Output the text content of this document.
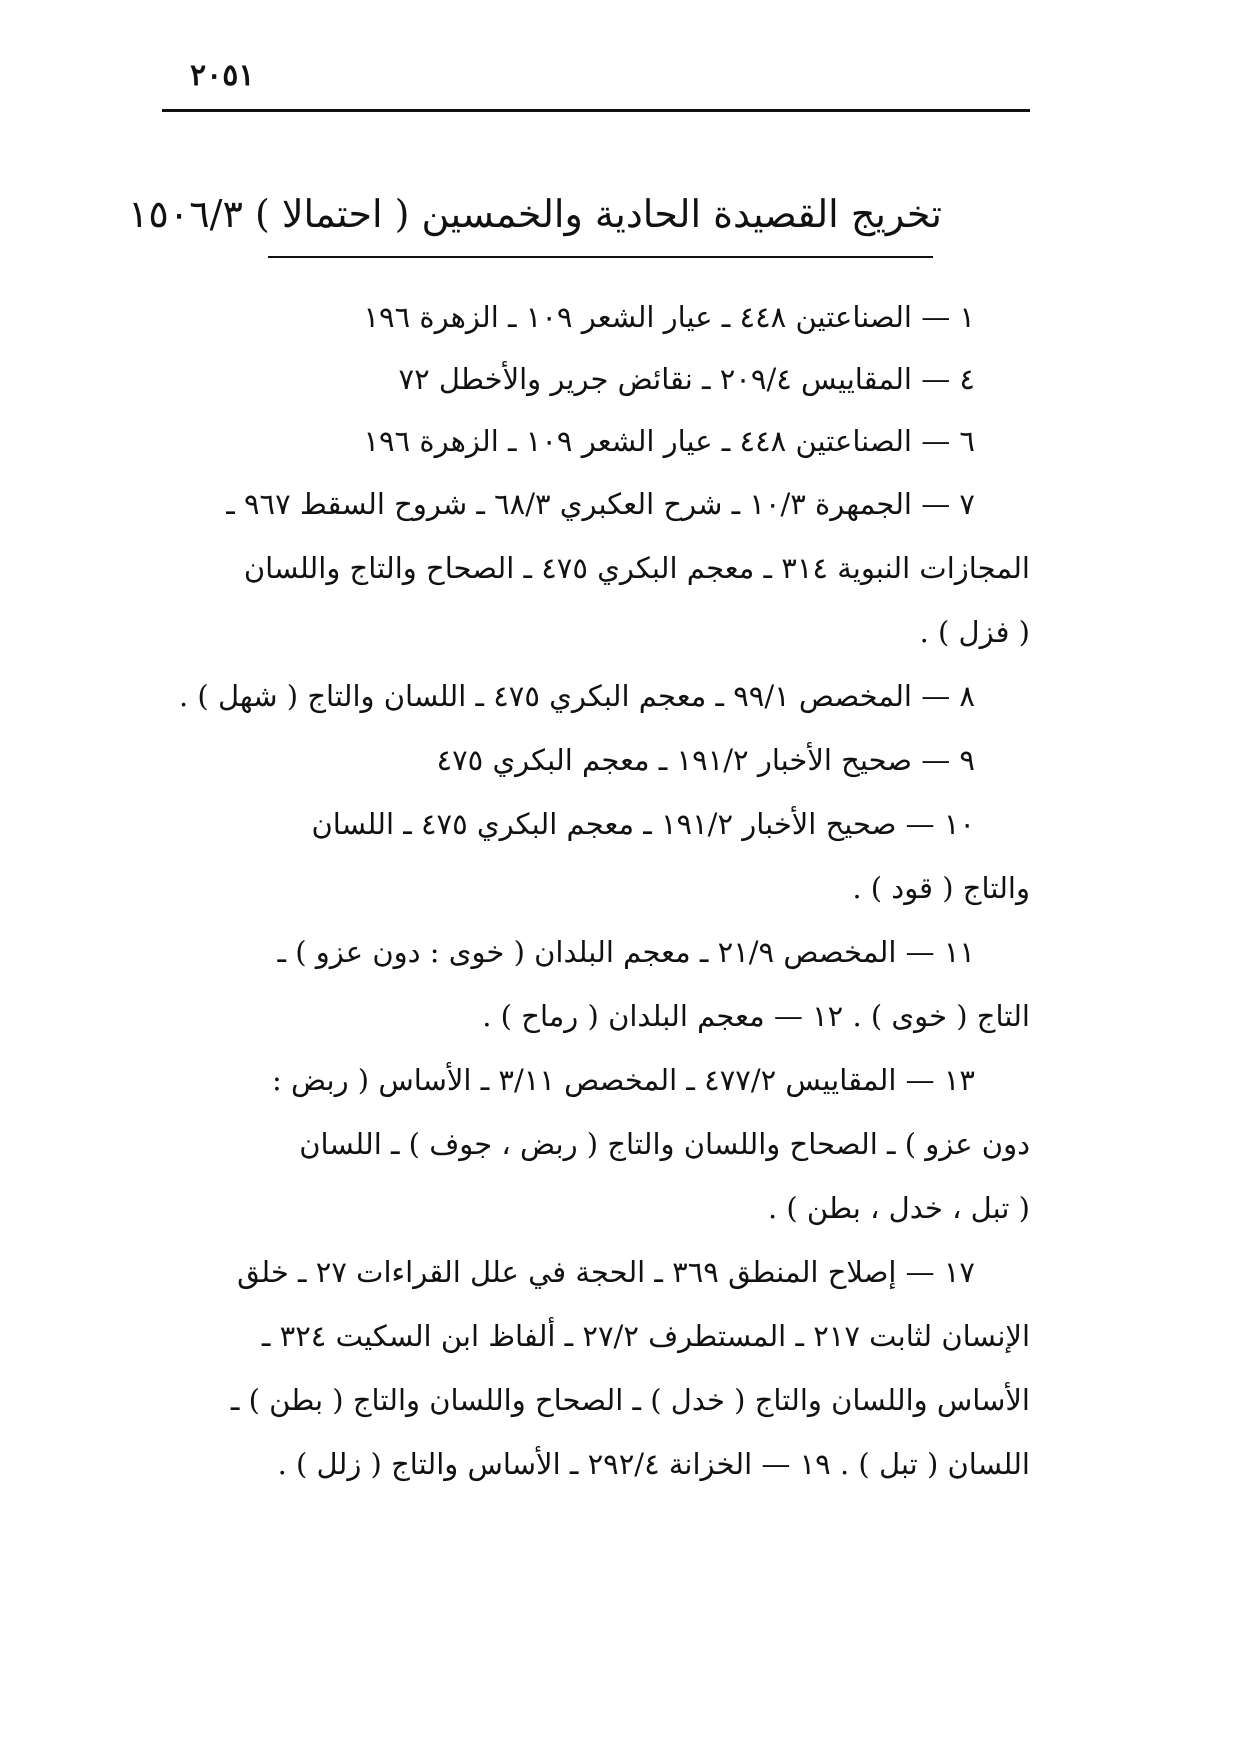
٢٠٥١
تخريج القصيدة الحادية والخمسين ( احتمالا ) ١٥٠٦/٣
١ — الصناعتين ٤٤٨ ـ عيار الشعر ١٠٩ ـ الزهرة ١٩٦
٤ — المقاييس ٢٠٩/٤ ـ نقائض جرير والأخطل ٧٢
٦ — الصناعتين ٤٤٨ ـ عيار الشعر ١٠٩ ـ الزهرة ١٩٦
٧ — الجمهرة ١٠/٣ ـ شرح العكبري ٦٨/٣ ـ شروح السقط ٩٦٧ ـ
المجازات النبوية ٣١٤ ـ معجم البكري ٤٧٥ ـ الصحاح والتاج واللسان
( فزل ) .
٨ — المخصص ٩٩/١ ـ معجم البكري ٤٧٥ ـ اللسان والتاج ( شهل ) .
٩ — صحيح الأخبار ١٩١/٢ ـ معجم البكري ٤٧٥
١٠ — صحيح الأخبار ١٩١/٢ ـ معجم البكري ٤٧٥ ـ اللسان
والتاج ( قود ) .
١١ — المخصص ٢١/٩ ـ معجم البلدان ( خوى : دون عزو ) ـ
التاج ( خوى ) . ١٢ — معجم البلدان ( رماح ) .
١٣ — المقاييس ٤٧٧/٢ ـ المخصص ٣/١١ ـ الأساس ( ربض :
دون عزو ) ـ الصحاح واللسان والتاج ( ربض ، جوف ) ـ اللسان
( تبل ، خدل ، بطن ) .
١٧ — إصلاح المنطق ٣٦٩ ـ الحجة في علل القراءات ٢٧ ـ خلق
الإنسان لثابت ٢١٧ ـ المستطرف ٢٧/٢ ـ ألفاظ ابن السكيت ٣٢٤ ـ
الأساس واللسان والتاج ( خدل ) ـ الصحاح واللسان والتاج ( بطن ) ـ
اللسان ( تبل ) . ١٩ — الخزانة ٢٩٢/٤ ـ الأساس والتاج ( زلل ) .
